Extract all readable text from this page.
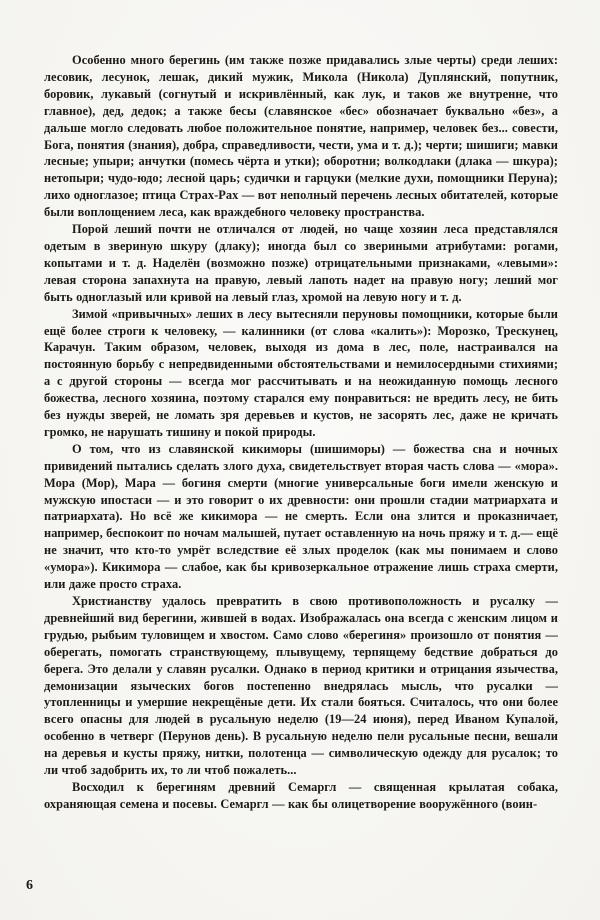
Особенно много берегинь (им также позже придавались злые черты) среди леших: лесовик, лесунок, лешак, дикий мужик, Микола (Никола) Дуплянский, попутник, боровик, лукавый (согнутый и искривлённый, как лук, и таков же внутренне, что главное), дед, дедок; а также бесы (славянское «бес» обозначает буквально «без», а дальше могло следовать любое положительное понятие, например, человек без... совести, Бога, понятия (знания), добра, справедливости, чести, ума и т. д.); черти; шишиги; мавки лесные; упыри; анчутки (помесь чёрта и утки); оборотни; волкодлаки (длака — шкура); нетопыри; чудо-юдо; лесной царь; судички и гарцуки (мелкие духи, помощники Перуна); лихо одноглазое; птица Страх-Рах — вот неполный перечень лесных обитателей, которые были воплощением леса, как враждебного человеку пространства.

Порой леший почти не отличался от людей, но чаще хозяин леса представлялся одетым в звериную шкуру (длаку); иногда был со звериными атрибутами: рогами, копытами и т. д. Наделён (возможно позже) отрицательными признаками, «левыми»: левая сторона запахнута на правую, левый лапоть надет на правую ногу; леший мог быть одноглазый или кривой на левый глаз, хромой на левую ногу и т. д.

Зимой «привычных» леших в лесу вытесняли перуновы помощники, которые были ещё более строги к человеку, — калинники (от слова «калить»): Морозко, Трескунец, Карачун. Таким образом, человек, выходя из дома в лес, поле, настраивался на постоянную борьбу с непредвиденными обстоятельствами и немилосердными стихиями; а с другой стороны — всегда мог рассчитывать и на неожиданную помощь лесного божества, лесного хозяина, поэтому старался ему понравиться: не вредить лесу, не бить без нужды зверей, не ломать зря деревьев и кустов, не засорять лес, даже не кричать громко, не нарушать тишину и покой природы.

О том, что из славянской кикиморы (шишиморы) — божества сна и ночных привидений пытались сделать злого духа, свидетельствует вторая часть слова — «мора». Мора (Мор), Мара — богиня смерти (многие универсальные боги имели женскую и мужскую ипостаси — и это говорит о их древности: они прошли стадии матриархата и патриархата). Но всё же кикимора — не смерть. Если она злится и проказничает, например, беспокоит по ночам малышей, путает оставленную на ночь пряжу и т. д.— ещё не значит, что кто-то умрёт вследствие её злых проделок (как мы понимаем и слово «умора»). Кикимора — слабое, как бы кривозеркальное отражение лишь страха смерти, или даже просто страха.

Христианству удалось превратить в свою противоположность и русалку — древнейший вид берегини, жившей в водах. Изображалась она всегда с женским лицом и грудью, рыбьим туловищем и хвостом. Само слово «берегиня» произошло от понятия — оберегать, помогать странствующему, плывущему, терпящему бедствие добраться до берега. Это делали у славян русалки. Однако в период критики и отрицания язычества, демонизации языческих богов постепенно внедрялась мысль, что русалки — утопленницы и умершие некрещёные дети. Их стали бояться. Считалось, что они более всего опасны для людей в русальную неделю (19—24 июня), перед Иваном Купалой, особенно в четверг (Перунов день). В русальную неделю пели русальные песни, вешали на деревья и кусты пряжу, нитки, полотенца — символическую одежду для русалок; то ли чтоб задобрить их, то ли чтоб пожалеть...

Восходил к берегиням древний Семаргл — священная крылатая собака, охраняющая семена и посевы. Семаргл — как бы олицетворение вооружённого (воин-

6
